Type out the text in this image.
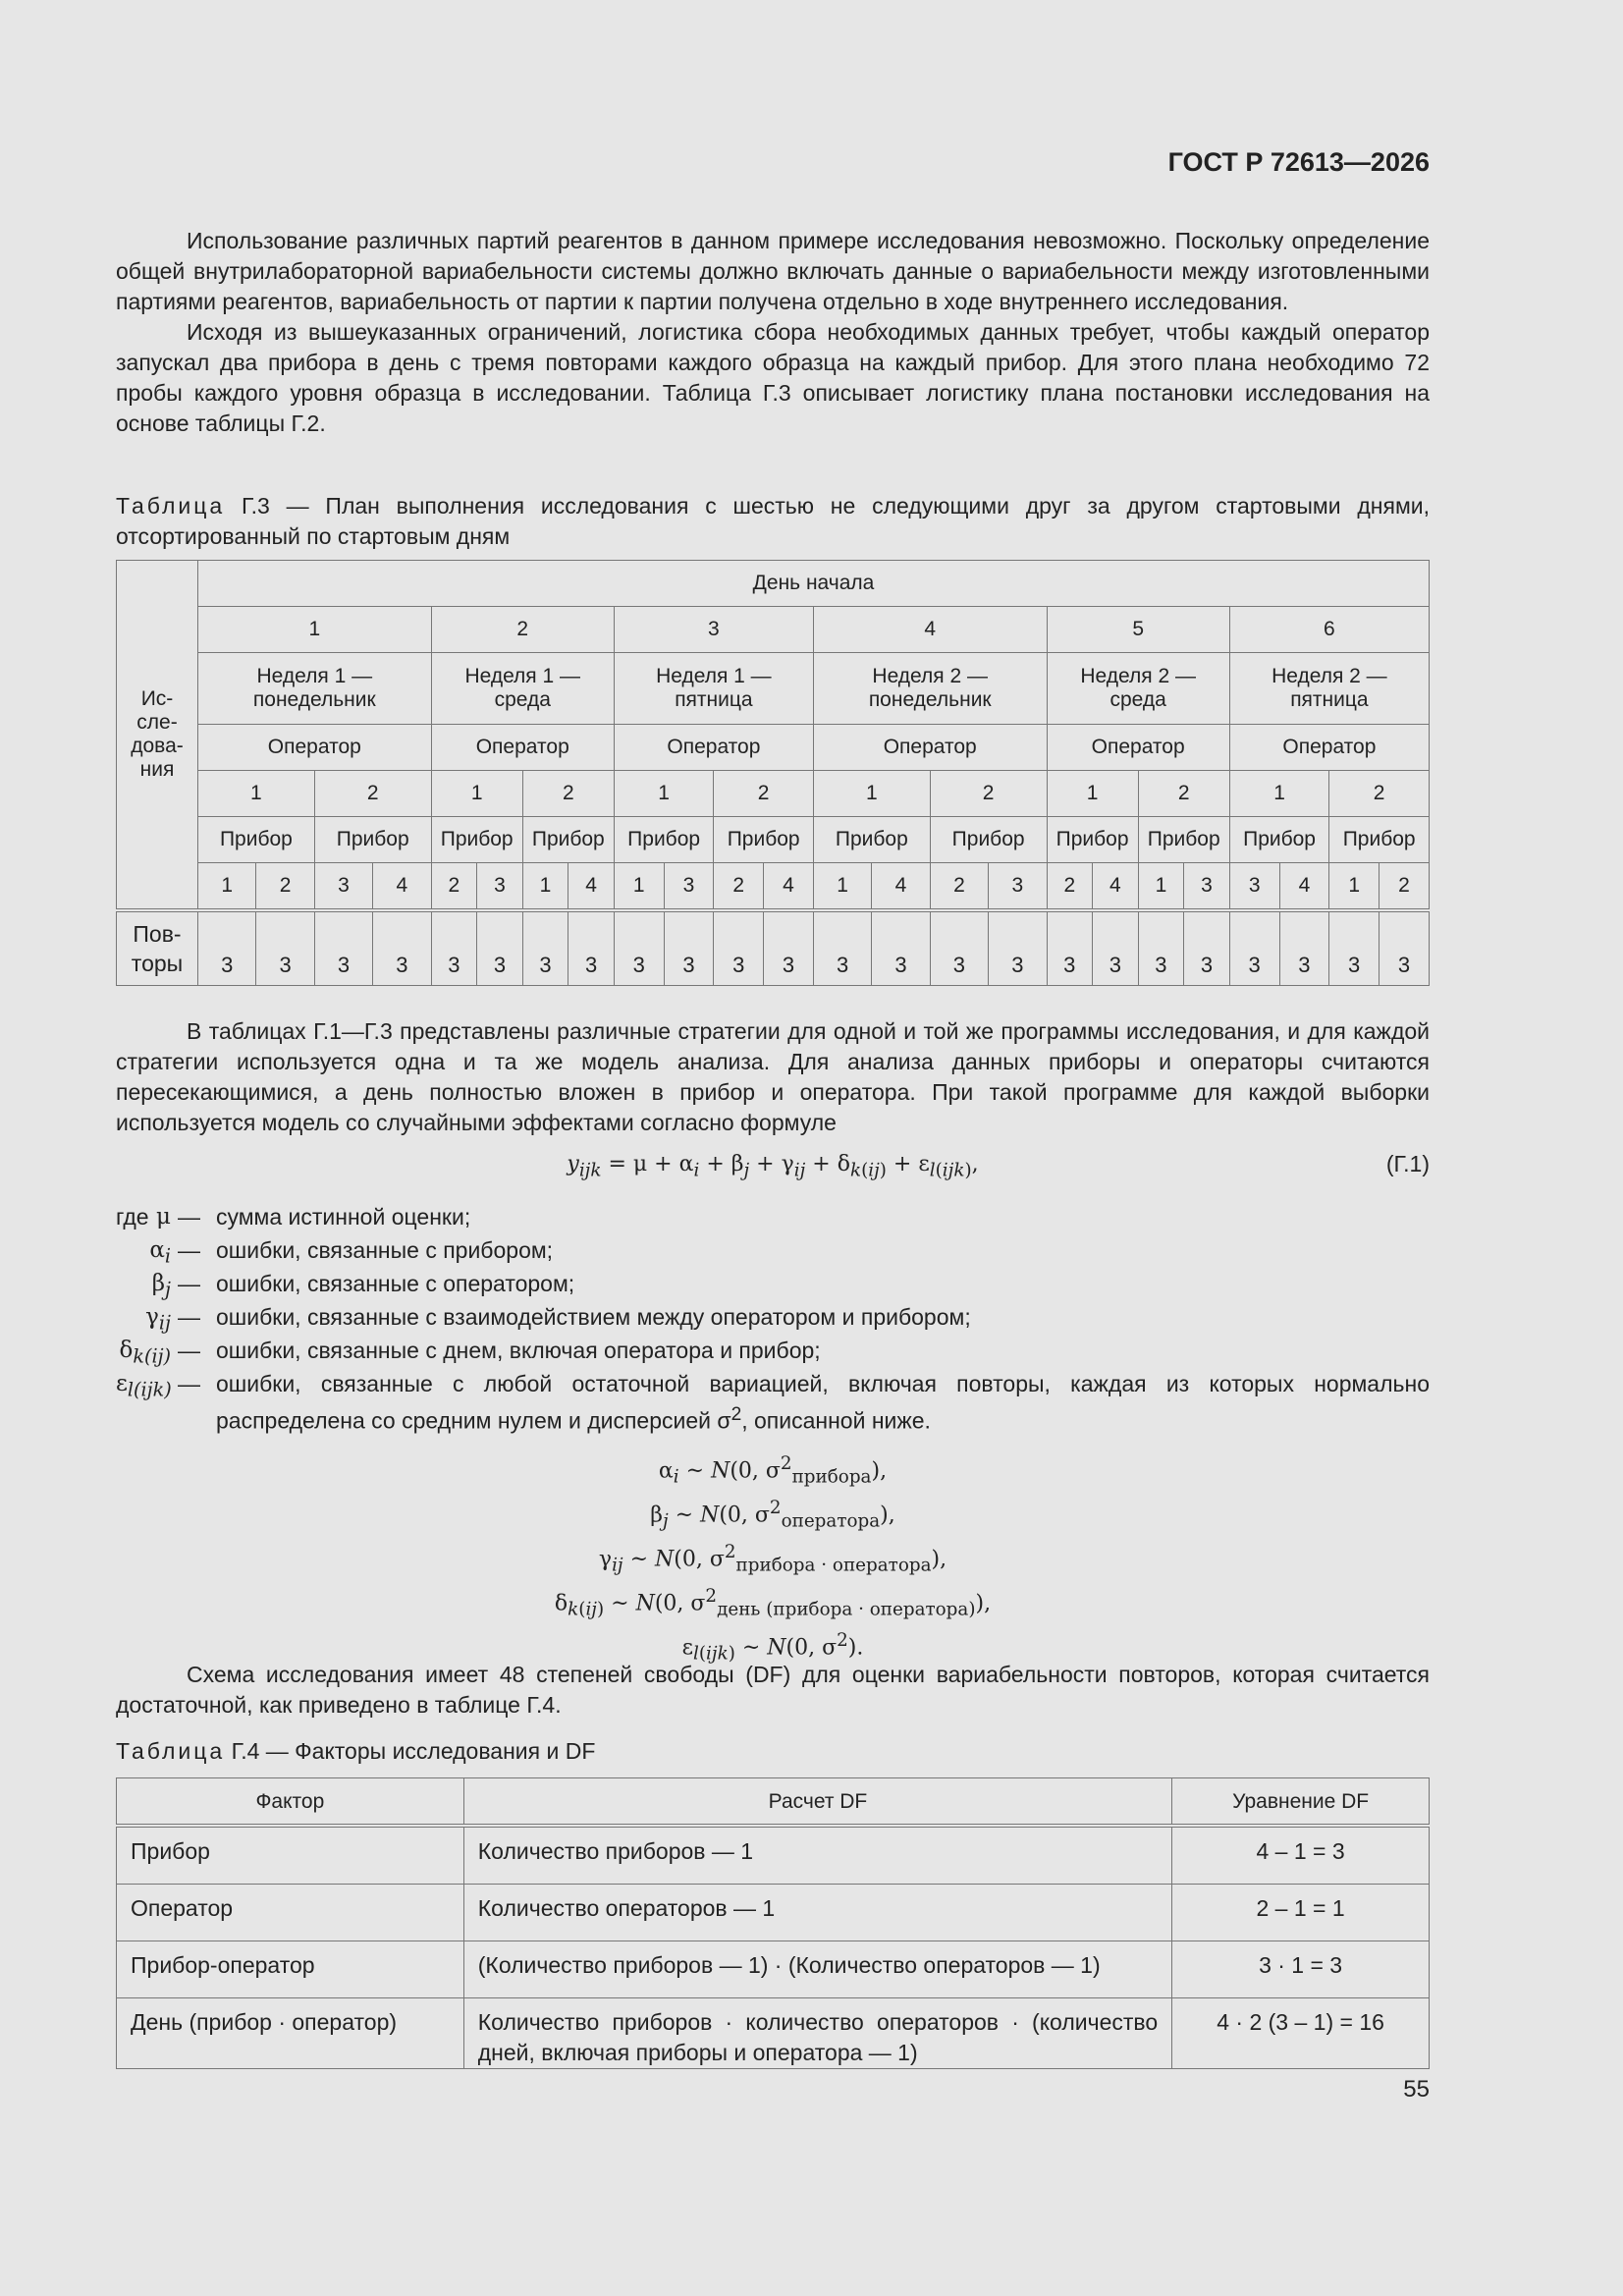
ГОСТ Р 72613—2026

Использование различных партий реагентов в данном примере исследования невозможно. Поскольку определение общей внутрилабораторной вариабельности системы должно включать данные о вариабельности между изготовленными партиями реагентов, вариабельность от партии к партии получена отдельно в ходе внутреннего исследования.

Исходя из вышеуказанных ограничений, логистика сбора необходимых данных требует, чтобы каждый оператор запускал два прибора в день с тремя повторами каждого образца на каждый прибор. Для этого плана необходимо 72 пробы каждого уровня образца в исследовании. Таблица Г.3 описывает логистику плана постановки исследования на основе таблицы Г.2.

Таблица Г.3 — План выполнения исследования с шестью не следующими друг за другом стартовыми днями, отсортированный по стартовым дням

Ис-
сле-
дова-
ния	День начала																							
	1				2				3				4				5				6			
	Неделя 1 — понедельник				Неделя 1 — среда				Неделя 1 — пятница				Неделя 2 — понедельник				Неделя 2 — среда				Неделя 2 — пятница			
	Оператор				Оператор				Оператор				Оператор				Оператор				Оператор			
	1		2		1		2		1		2		1		2		1		2		1		2	
	Прибор		Прибор		Прибор		Прибор		Прибор		Прибор		Прибор		Прибор		Прибор		Прибор		Прибор		Прибор	
	1	2	3	4	2	3	1	4	1	3	2	4	1	4	2	3	2	4	1	3	3	4	1	2
Пов-
торы	3	3	3	3	3	3	3	3	3	3	3	3	3	3	3	3	3	3	3	3	3	3	3	3

В таблицах Г.1—Г.3 представлены различные стратегии для одной и той же программы исследования, и для каждой стратегии используется одна и та же модель анализа. Для анализа данных приборы и операторы считаются пересекающимися, а день полностью вложен в прибор и оператора. При такой программе для каждой выборки используется модель со случайными эффектами согласно формуле

$y_{ijk} = \mu + \alpha_i + \beta_j + \gamma_{ij} + \delta_{k(ij)} + \varepsilon_{l(ijk)}$,	(Г.1)
где μ — сумма истинной оценки;
$\alpha_i$ — ошибки, связанные с прибором;
$\beta_j$ — ошибки, связанные с оператором;
$\gamma_{ij}$ — ошибки, связанные с взаимодействием между оператором и прибором;
$\delta_{k(ij)}$ — ошибки, связанные с днем, включая оператора и прибор;
$\varepsilon_{l(ijk)}$ — ошибки, связанные с любой остаточной вариацией, включая повторы, каждая из которых нормально распределена со средним нулем и дисперсией $\sigma^2$, описанной ниже.
$\alpha_i$ ~ N(0, $\sigma^2_{прибора}$),
$\beta_j$ ~ N(0, $\sigma^2_{оператора}$),
$\gamma_{ij}$ ~ N(0, $\sigma^2_{прибора \cdot оператора}$),
$\delta_{k(ij)}$ ~ N(0, $\sigma^2_{день (прибора \cdot оператора)}$),
$\varepsilon_{l(ijk)}$ ~ N(0, $\sigma^2$).

Схема исследования имеет 48 степеней свободы (DF) для оценки вариабельности повторов, которая считается достаточной, как приведено в таблице Г.4.

Таблица Г.4 — Факторы исследования и DF

Фактор	Расчет DF	Уравнение DF
Прибор	Количество приборов — 1	4 – 1 = 3
Оператор	Количество операторов — 1	2 – 1 = 1
Прибор-оператор	(Количество приборов — 1) · (Количество операторов — 1)	3 · 1 = 3
День (прибор · оператор)	Количество приборов · количество операторов · (количество дней, включая приборы и оператора — 1)	4 · 2 (3 – 1) = 16
55
